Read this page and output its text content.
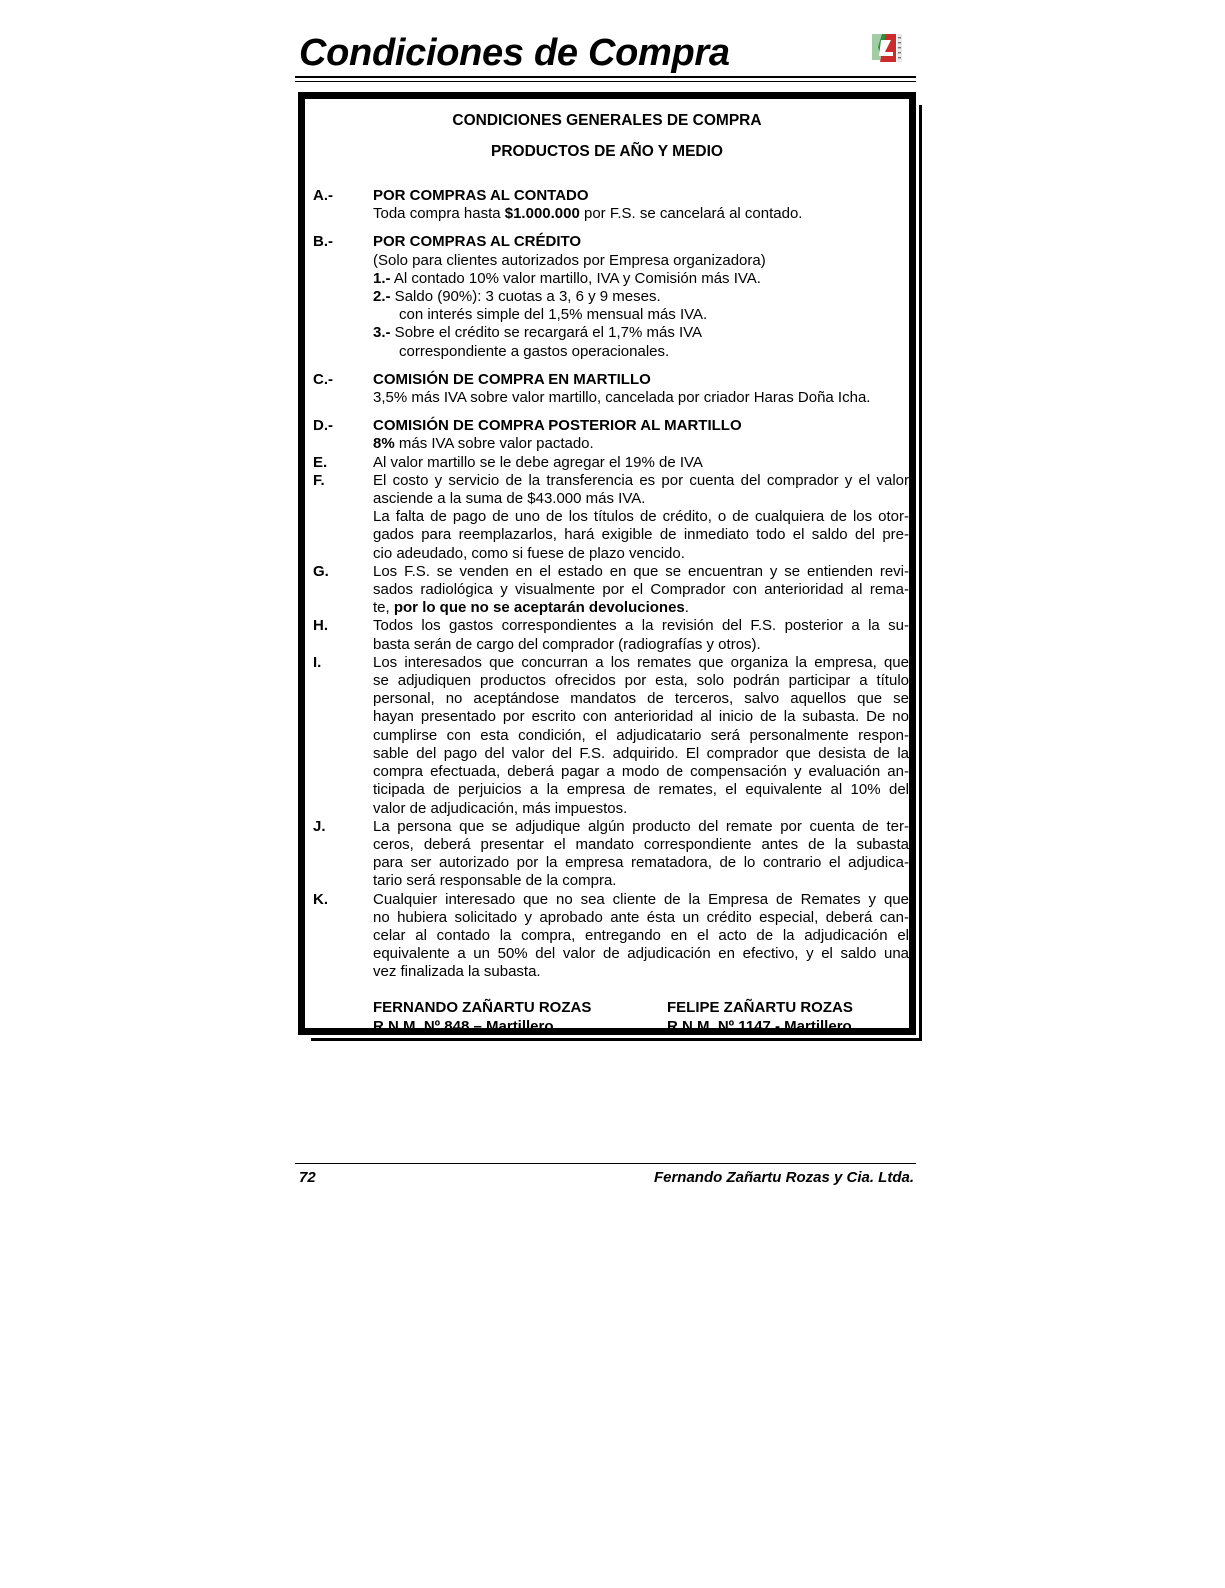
Condiciones de Compra
CONDICIONES GENERALES DE COMPRA
PRODUCTOS DE AÑO Y MEDIO
A.-	POR COMPRAS AL CONTADO
Toda compra hasta $1.000.000 por F.S. se cancelará al contado.
B.-	POR COMPRAS AL CRÉDITO
(Solo para clientes autorizados por Empresa organizadora)
1.- Al contado 10% valor martillo, IVA y Comisión más IVA.
2.- Saldo (90%): 3 cuotas a 3, 6 y 9 meses.
con interés simple del 1,5% mensual más IVA.
3.- Sobre el crédito se recargará el 1,7% más IVA
correspondiente a gastos operacionales.
C.-	COMISIÓN DE COMPRA EN MARTILLO
3,5% más IVA sobre valor martillo, cancelada por criador Haras Doña Icha.
D.-	COMISIÓN DE COMPRA POSTERIOR AL MARTILLO
8% más IVA sobre valor pactado.
E.	Al valor martillo se le debe agregar el 19% de IVA
F.	El costo y servicio de la transferencia es por cuenta del comprador y el valor
asciende a la suma de $43.000 más IVA.
La falta de pago de uno de los títulos de crédito, o de cualquiera de los otor-
gados para reemplazarlos, hará exigible de inmediato todo el saldo del pre-
cio adeudado, como si fuese de plazo vencido.
G.	Los F.S. se venden en el estado en que se encuentran y se entienden revi-
sados radiológica y visualmente por el Comprador con anterioridad al rema-
te, por lo que no se aceptarán devoluciones.
H.	Todos los gastos correspondientes a la revisión del F.S. posterior a la su-
basta serán de cargo del comprador (radiografías y otros).
I.	Los interesados que concurran a los remates que organiza la empresa, que
se adjudiquen productos ofrecidos por esta, solo podrán participar a título
personal, no aceptándose mandatos de terceros, salvo aquellos que se
hayan presentado por escrito con anterioridad al inicio de la subasta. De no
cumplirse con esta condición, el adjudicatario será personalmente respon-
sable del pago del valor del F.S. adquirido. El comprador que desista de la
compra efectuada, deberá pagar a modo de compensación y evaluación an-
ticipada de perjuicios a la empresa de remates, el equivalente al 10% del
valor de adjudicación, más impuestos.
J.	La persona que se adjudique algún producto del remate por cuenta de ter-
ceros, deberá presentar el mandato correspondiente antes de la subasta
para ser autorizado por la empresa rematadora, de lo contrario el adjudica-
tario será responsable de la compra.
K.	Cualquier interesado que no sea cliente de la Empresa de Remates y que
no hubiera solicitado y aprobado ante ésta un crédito especial, deberá can-
celar al contado la compra, entregando en el acto de la adjudicación el
equivalente a un 50% del valor de adjudicación en efectivo, y el saldo una
vez finalizada la subasta.
FERNANDO ZAÑARTU ROZAS
R.N.M. Nº 848 – Martillero
FELIPE ZAÑARTU ROZAS
R.N.M. Nº 1147 - Martillero
72	Fernando Zañartu Rozas y Cia. Ltda.
